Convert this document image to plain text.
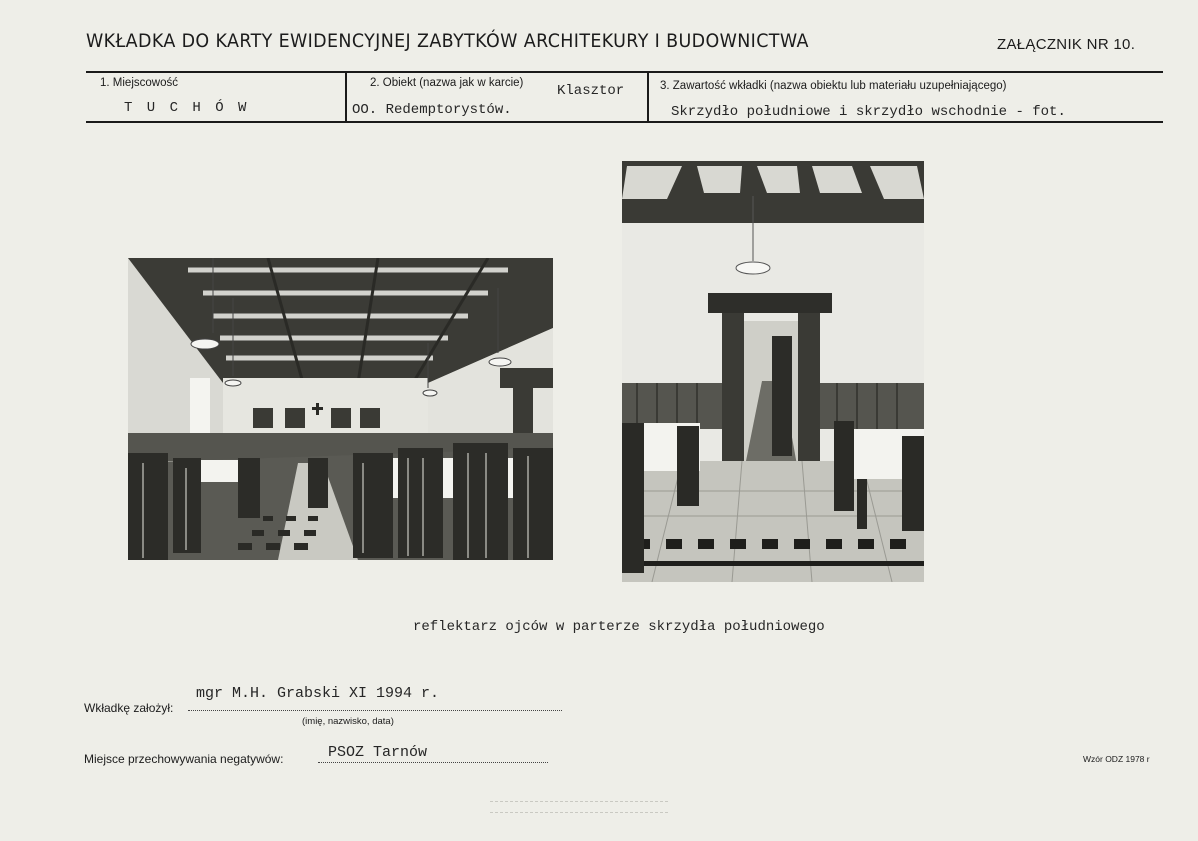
WKŁADKA DO KARTY EWIDENCYJNEJ ZABYTKÓW ARCHITEKURY I BUDOWNICTWA	ZAŁĄCZNIK NR 10.
1. Miejscowość
T U C H Ó W
2. Obiekt (nazwa jak w karcie) Klasztor
OO. Redemptorystów.
3. Zawartość wkładki (nazwa obiektu lub materiału uzupełniającego)
Skrzydło południowe i skrzydło wschodnie - fot.
reflektarz ojców w parterze skrzydła południowego
Wkładkę założył:
mgr M.H. Grabski XI 1994 r.
(imię, nazwisko, data)
Miejsce przechowywania negatywów:	PSOZ Tarnów	Wzór ODZ 1978 r
